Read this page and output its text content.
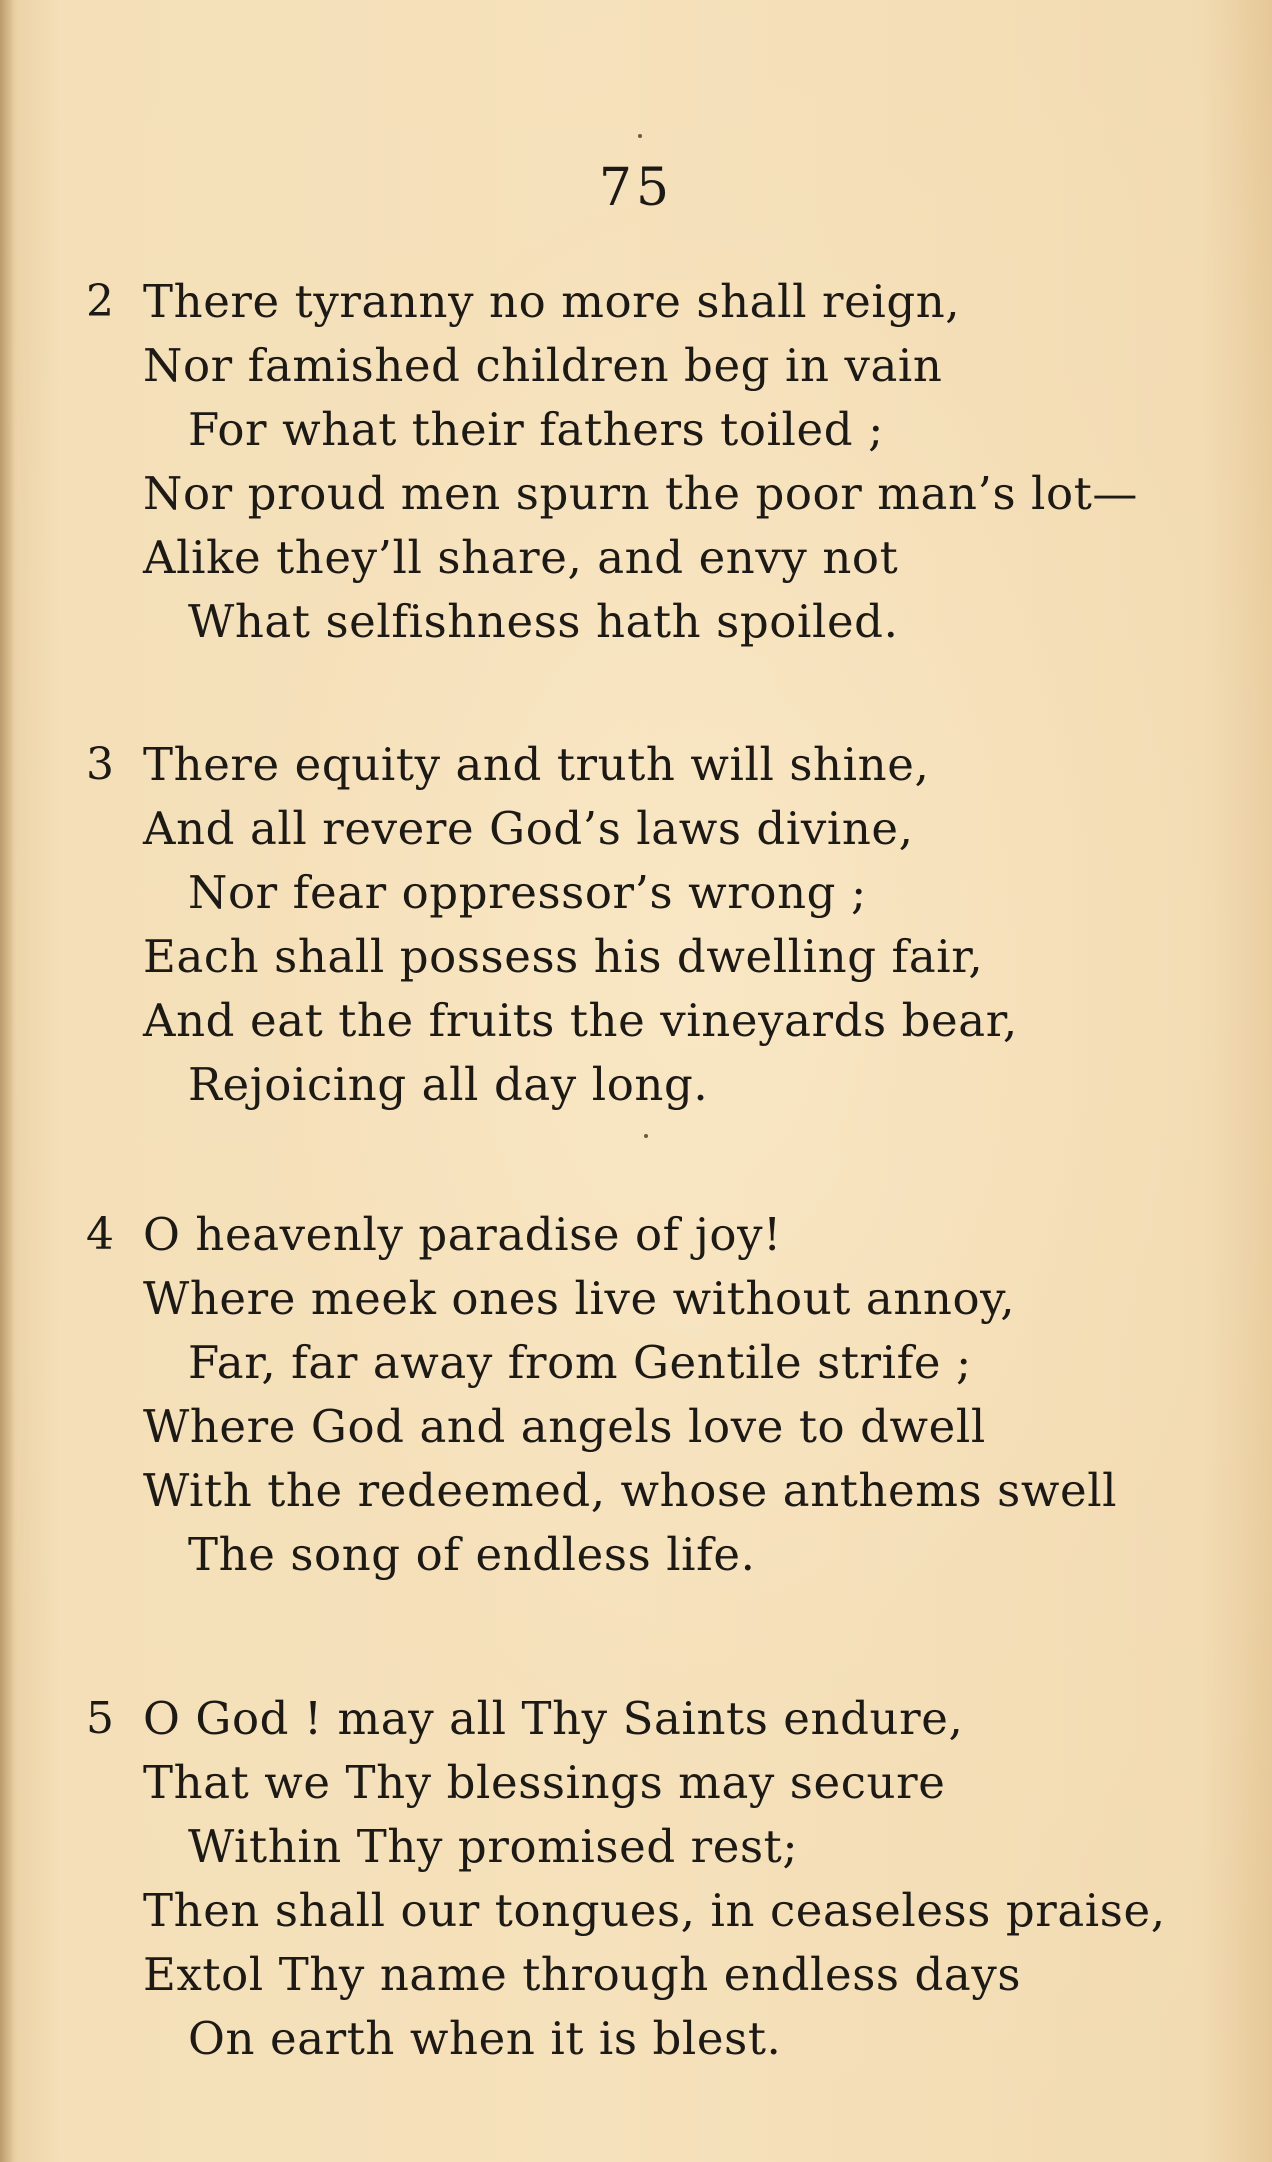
75
2 There tyranny no more shall reign,
Nor famished children beg in vain
For what their fathers toiled ;
Nor proud men spurn the poor man’s lot—
Alike they’ll share, and envy not
What selfishness hath spoiled.
3 There equity and truth will shine,
And all revere God’s laws divine,
Nor fear oppressor’s wrong ;
Each shall possess his dwelling fair,
And eat the fruits the vineyards bear,
Rejoicing all day long.
4 O heavenly paradise of joy!
Where meek ones live without annoy,
Far, far away from Gentile strife ;
Where God and angels love to dwell
With the redeemed, whose anthems swell
The song of endless life.
5 O God ! may all Thy Saints endure,
That we Thy blessings may secure
Within Thy promised rest;
Then shall our tongues, in ceaseless praise,
Extol Thy name through endless days
On earth when it is blest.
